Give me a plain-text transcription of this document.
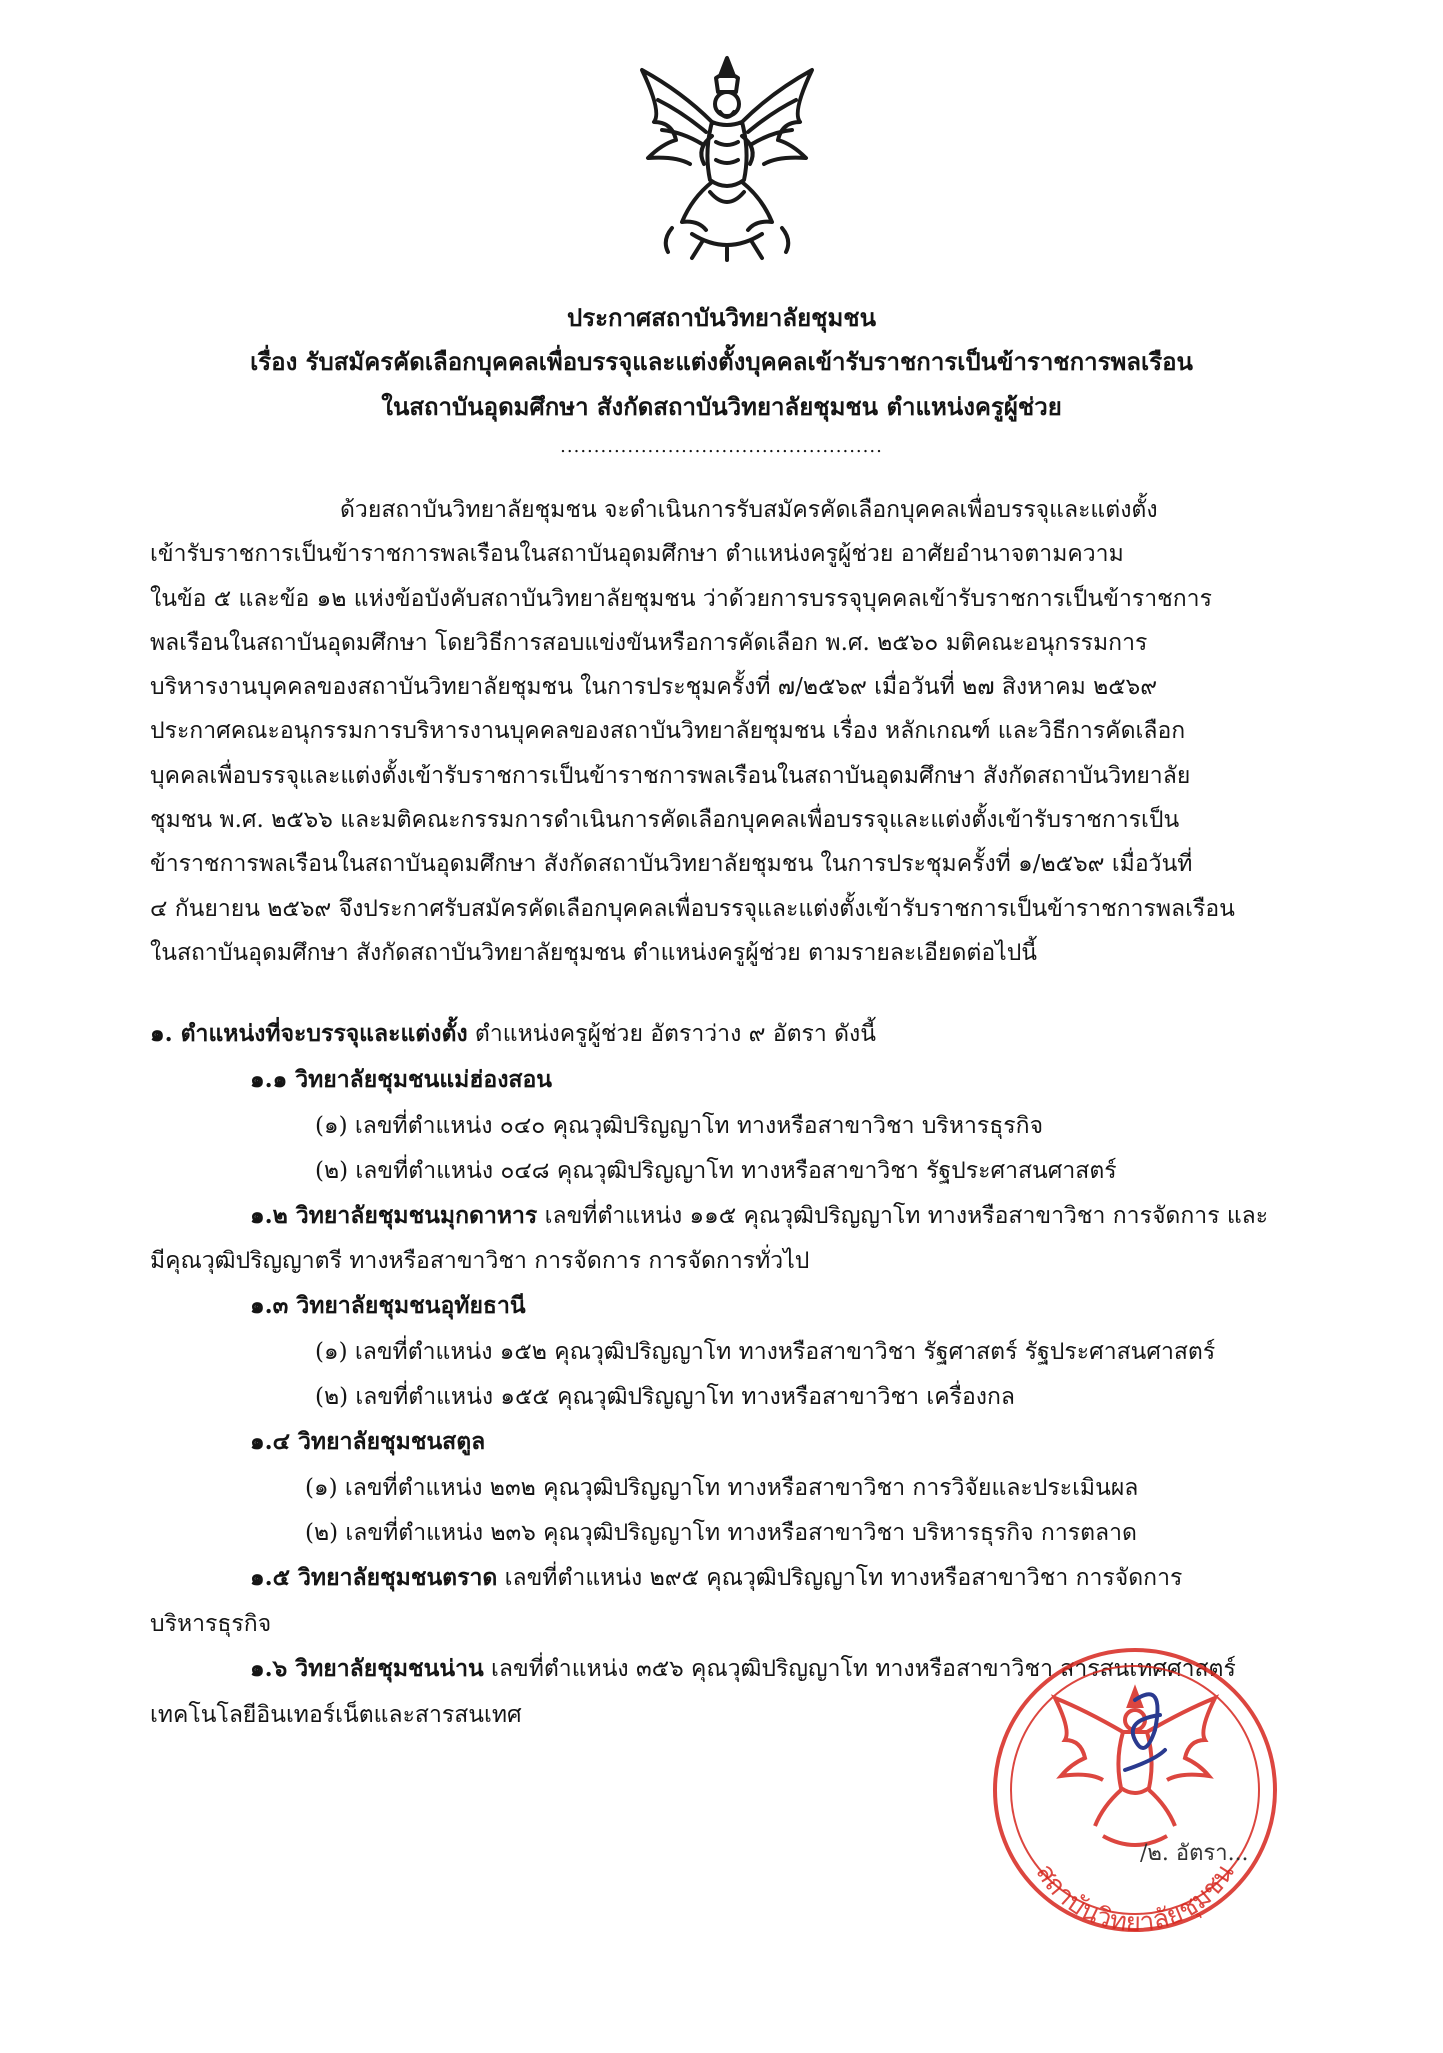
ประกาศสถาบันวิทยาลัยชุมชน
เรื่อง รับสมัครคัดเลือกบุคคลเพื่อบรรจุและแต่งตั้งบุคคลเข้ารับราชการเป็นข้าราชการพลเรือน
ในสถาบันอุดมศึกษา สังกัดสถาบันวิทยาลัยชุมชน ตำแหน่งครูผู้ช่วย
................................................
ด้วยสถาบันวิทยาลัยชุมชน จะดำเนินการรับสมัครคัดเลือกบุคคลเพื่อบรรจุและแต่งตั้ง
เข้ารับราชการเป็นข้าราชการพลเรือนในสถาบันอุดมศึกษา ตำแหน่งครูผู้ช่วย อาศัยอำนาจตามความ
ในข้อ ๕ และข้อ ๑๒ แห่งข้อบังคับสถาบันวิทยาลัยชุมชน ว่าด้วยการบรรจุบุคคลเข้ารับราชการเป็นข้าราชการ
พลเรือนในสถาบันอุดมศึกษา โดยวิธีการสอบแข่งขันหรือการคัดเลือก พ.ศ. ๒๕๖๐ มติคณะอนุกรรมการ
บริหารงานบุคคลของสถาบันวิทยาลัยชุมชน ในการประชุมครั้งที่ ๗/๒๕๖๙ เมื่อวันที่ ๒๗ สิงหาคม ๒๕๖๙
ประกาศคณะอนุกรรมการบริหารงานบุคคลของสถาบันวิทยาลัยชุมชน เรื่อง หลักเกณฑ์ และวิธีการคัดเลือก
บุคคลเพื่อบรรจุและแต่งตั้งเข้ารับราชการเป็นข้าราชการพลเรือนในสถาบันอุดมศึกษา สังกัดสถาบันวิทยาลัย
ชุมชน พ.ศ. ๒๕๖๖ และมติคณะกรรมการดำเนินการคัดเลือกบุคคลเพื่อบรรจุและแต่งตั้งเข้ารับราชการเป็น
ข้าราชการพลเรือนในสถาบันอุดมศึกษา สังกัดสถาบันวิทยาลัยชุมชน ในการประชุมครั้งที่ ๑/๒๕๖๙ เมื่อวันที่
๔ กันยายน ๒๕๖๙ จึงประกาศรับสมัครคัดเลือกบุคคลเพื่อบรรจุและแต่งตั้งเข้ารับราชการเป็นข้าราชการพลเรือน
ในสถาบันอุดมศึกษา สังกัดสถาบันวิทยาลัยชุมชน ตำแหน่งครูผู้ช่วย ตามรายละเอียดต่อไปนี้
๑. ตำแหน่งที่จะบรรจุและแต่งตั้ง ตำแหน่งครูผู้ช่วย อัตราว่าง ๙ อัตรา ดังนี้
๑.๑ วิทยาลัยชุมชนแม่ฮ่องสอน
(๑) เลขที่ตำแหน่ง ๐๔๐ คุณวุฒิปริญญาโท ทางหรือสาขาวิชา บริหารธุรกิจ
(๒) เลขที่ตำแหน่ง ๐๔๘ คุณวุฒิปริญญาโท ทางหรือสาขาวิชา รัฐประศาสนศาสตร์
๑.๒ วิทยาลัยชุมชนมุกดาหาร เลขที่ตำแหน่ง ๑๑๕ คุณวุฒิปริญญาโท ทางหรือสาขาวิชา การจัดการ และ
มีคุณวุฒิปริญญาตรี ทางหรือสาขาวิชา การจัดการ การจัดการทั่วไป
๑.๓ วิทยาลัยชุมชนอุทัยธานี
(๑) เลขที่ตำแหน่ง ๑๕๒ คุณวุฒิปริญญาโท ทางหรือสาขาวิชา รัฐศาสตร์ รัฐประศาสนศาสตร์
(๒) เลขที่ตำแหน่ง ๑๕๕ คุณวุฒิปริญญาโท ทางหรือสาขาวิชา เครื่องกล
๑.๔ วิทยาลัยชุมชนสตูล
(๑) เลขที่ตำแหน่ง ๒๓๒ คุณวุฒิปริญญาโท ทางหรือสาขาวิชา การวิจัยและประเมินผล
(๒) เลขที่ตำแหน่ง ๒๓๖ คุณวุฒิปริญญาโท ทางหรือสาขาวิชา บริหารธุรกิจ การตลาด
๑.๕ วิทยาลัยชุมชนตราด เลขที่ตำแหน่ง ๒๙๕ คุณวุฒิปริญญาโท ทางหรือสาขาวิชา การจัดการ
บริหารธุรกิจ
๑.๖ วิทยาลัยชุมชนน่าน เลขที่ตำแหน่ง ๓๕๖ คุณวุฒิปริญญาโท ทางหรือสาขาวิชา สารสนเทศศาสตร์
เทคโนโลยีอินเทอร์เน็ตและสารสนเทศ
สถาบันวิทยาลัยชุมชน
/๒. อัตรา...
